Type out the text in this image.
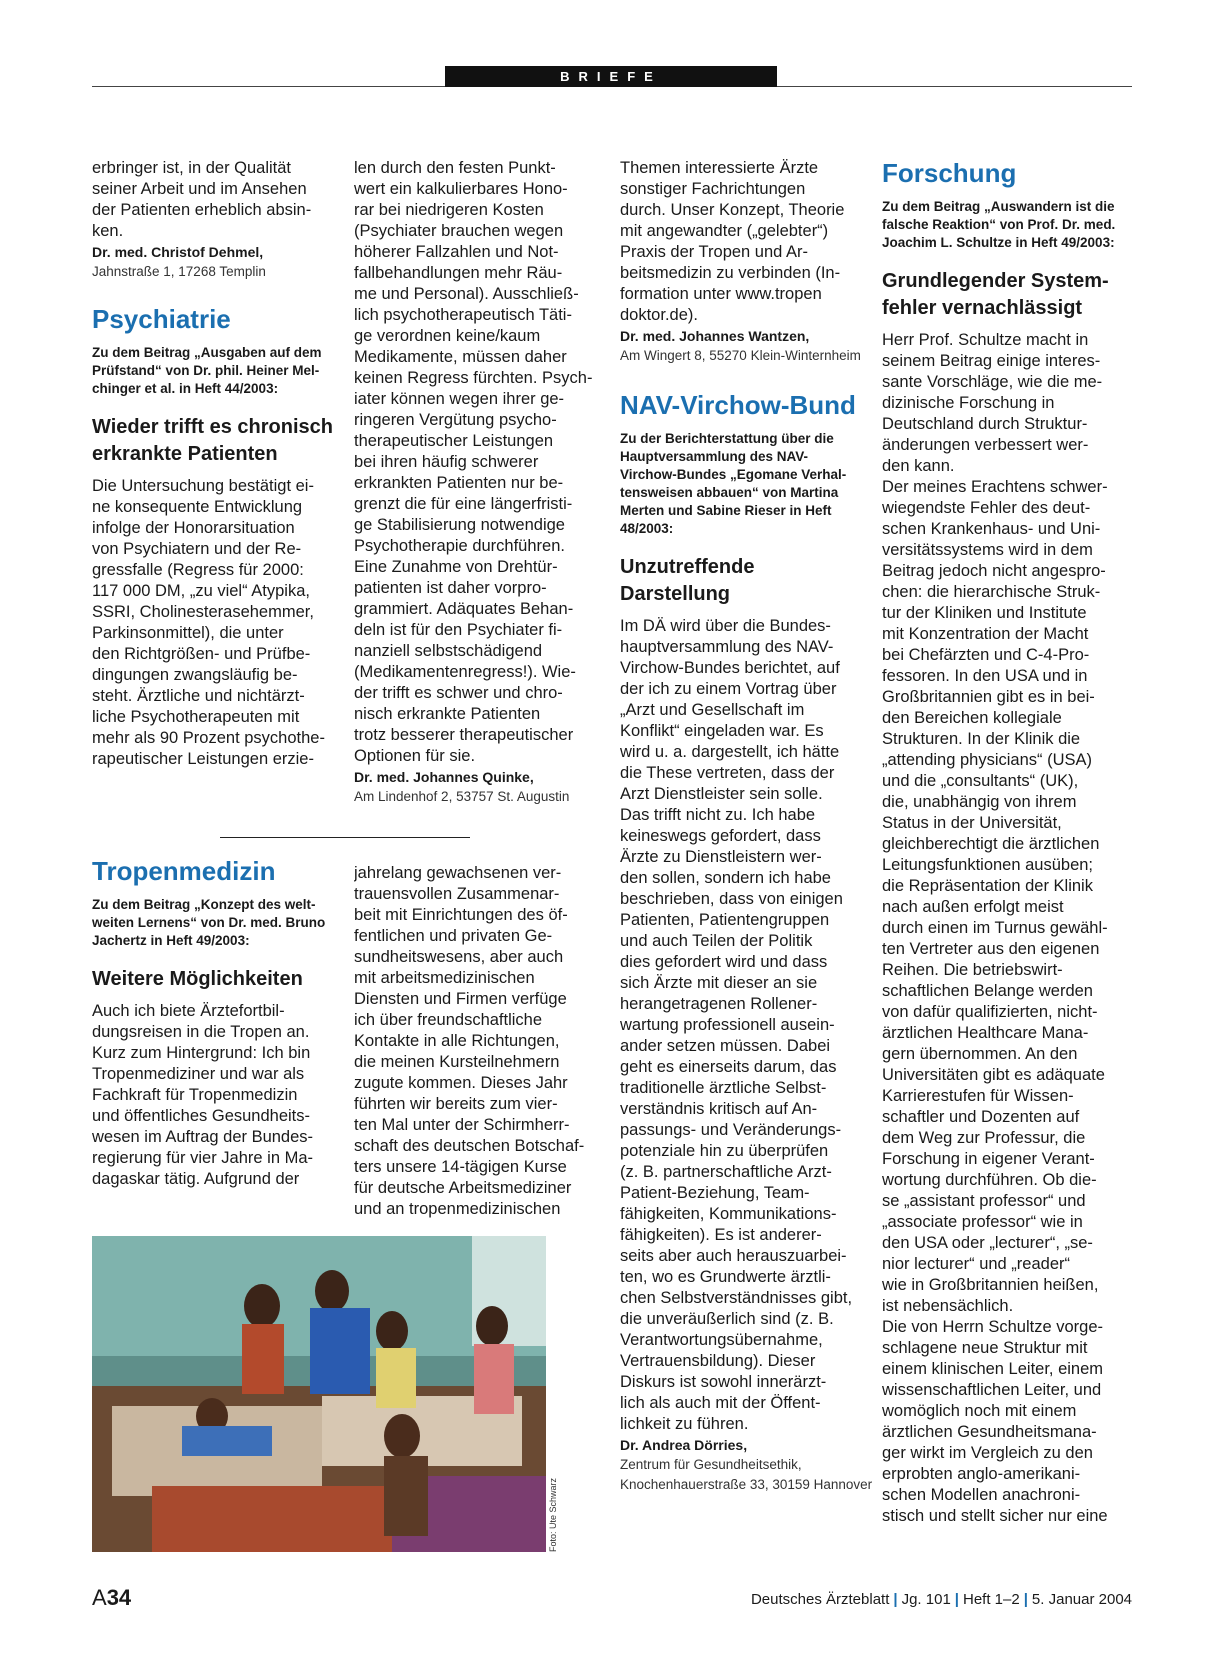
BRIEFE

erbringer ist, in der Qualität

seiner Arbeit und im Ansehen

der Patienten erheblich absin-

ken.

Dr. med. Christof Dehmel,

Jahnstraße 1, 17268 Templin

Psychiatrie
Zu dem Beitrag „Ausgaben auf dem
Prüfstand“ von Dr. phil. Heiner Mel-
chinger et al. in Heft 44/2003:
Wieder trifft es chronisch
erkrankte Patienten

Die Untersuchung bestätigt ei-

ne konsequente Entwicklung

infolge der Honorarsituation

von Psychiatern und der Re-

gressfalle (Regress für 2000:

117 000 DM, „zu viel“ Atypika,

SSRI, Cholinesterasehemmer,

Parkinsonmittel), die unter

den Richtgrößen- und Prüfbe-

dingungen zwangsläufig be-

steht. Ärztliche und nichtärzt-

liche Psychotherapeuten mit

mehr als 90 Prozent psychothe-

rapeutischer Leistungen erzie-

len durch den festen Punkt-

wert ein kalkulierbares Hono-

rar bei niedrigeren Kosten

(Psychiater brauchen wegen

höherer Fallzahlen und Not-

fallbehandlungen mehr Räu-

me und Personal). Ausschließ-

lich psychotherapeutisch Täti-

ge verordnen keine/kaum

Medikamente, müssen daher

keinen Regress fürchten. Psych-

iater können wegen ihrer ge-

ringeren Vergütung psycho-

therapeutischer Leistungen

bei ihren häufig schwerer

erkrankten Patienten nur be-

grenzt die für eine längerfristi-

ge Stabilisierung notwendige

Psychotherapie durchführen.

Eine Zunahme von Drehtür-

patienten ist daher vorpro-

grammiert. Adäquates Behan-

deln ist für den Psychiater fi-

nanziell selbstschädigend

(Medikamentenregress!). Wie-

der trifft es schwer und chro-

nisch erkrankte Patienten

trotz besserer therapeutischer

Optionen für sie.

Dr. med. Johannes Quinke,

Am Lindenhof 2, 53757 St. Augustin

Tropenmedizin
Zu dem Beitrag „Konzept des welt-
weiten Lernens“ von Dr. med. Bruno
Jachertz in Heft 49/2003:
Weitere Möglichkeiten

Auch ich biete Ärztefortbil-

dungsreisen in die Tropen an.

Kurz zum Hintergrund: Ich bin

Tropenmediziner und war als

Fachkraft für Tropenmedizin

und öffentliches Gesundheits-

wesen im Auftrag der Bundes-

regierung für vier Jahre in Ma-

dagaskar tätig. Aufgrund der

jahrelang gewachsenen ver-

trauensvollen Zusammenar-

beit mit Einrichtungen des öf-

fentlichen und privaten Ge-

sundheitswesens, aber auch

mit arbeitsmedizinischen

Diensten und Firmen verfüge

ich über freundschaftliche

Kontakte in alle Richtungen,

die meinen Kursteilnehmern

zugute kommen. Dieses Jahr

führten wir bereits zum vier-

ten Mal unter der Schirmherr-

schaft des deutschen Botschaf-

ters unsere 14-tägigen Kurse

für deutsche Arbeitsmediziner

und an tropenmedizinischen

Foto: Ute Schwarz

Themen interessierte Ärzte

sonstiger Fachrichtungen

durch. Unser Konzept, Theorie

mit angewandter („gelebter“)

Praxis der Tropen und Ar-

beitsmedizin zu verbinden (In-

formation unter www.tropen

doktor.de).

Dr. med. Johannes Wantzen,

Am Wingert 8, 55270 Klein-Winternheim

NAV-Virchow-Bund
Zu der Berichterstattung über die
Hauptversammlung des NAV-
Virchow-Bundes „Egomane Verhal-
tensweisen abbauen“ von Martina
Merten und Sabine Rieser in Heft
48/2003:
Unzutreffende
Darstellung

Im DÄ wird über die Bundes-

hauptversammlung des NAV-

Virchow-Bundes berichtet, auf

der ich zu einem Vortrag über

„Arzt und Gesellschaft im

Konflikt“ eingeladen war. Es

wird u. a. dargestellt, ich hätte

die These vertreten, dass der

Arzt Dienstleister sein solle.

Das trifft nicht zu. Ich habe

keineswegs gefordert, dass

Ärzte zu Dienstleistern wer-

den sollen, sondern ich habe

beschrieben, dass von einigen

Patienten, Patientengruppen

und auch Teilen der Politik

dies gefordert wird und dass

sich Ärzte mit dieser an sie

herangetragenen Rollener-

wartung professionell ausein-

ander setzen müssen. Dabei

geht es einerseits darum, das

traditionelle ärztliche Selbst-

verständnis kritisch auf An-

passungs- und Veränderungs-

potenziale hin zu überprüfen

(z. B. partnerschaftliche Arzt-

Patient-Beziehung, Team-

fähigkeiten, Kommunikations-

fähigkeiten). Es ist anderer-

seits aber auch herauszuarbei-

ten, wo es Grundwerte ärztli-

chen Selbstverständnisses gibt,

die unveräußerlich sind (z. B.

Verantwortungsübernahme,

Vertrauensbildung). Dieser

Diskurs ist sowohl innerärzt-

lich als auch mit der Öffent-

lichkeit zu führen.

Dr. Andrea Dörries,

Zentrum für Gesundheitsethik,

Knochenhauerstraße 33, 30159 Hannover

Forschung
Zu dem Beitrag „Auswandern ist die
falsche Reaktion“ von Prof. Dr. med.
Joachim L. Schultze in Heft 49/2003:
Grundlegender System-
fehler vernachlässigt

Herr Prof. Schultze macht in

seinem Beitrag einige interes-

sante Vorschläge, wie die me-

dizinische Forschung in

Deutschland durch Struktur-

änderungen verbessert wer-

den kann.

Der meines Erachtens schwer-

wiegendste Fehler des deut-

schen Krankenhaus- und Uni-

versitätssystems wird in dem

Beitrag jedoch nicht angespro-

chen: die hierarchische Struk-

tur der Kliniken und Institute

mit Konzentration der Macht

bei Chefärzten und C-4-Pro-

fessoren. In den USA und in

Großbritannien gibt es in bei-

den Bereichen kollegiale

Strukturen. In der Klinik die

„attending physicians“ (USA)

und die „consultants“ (UK),

die, unabhängig von ihrem

Status in der Universität,

gleichberechtigt die ärztlichen

Leitungsfunktionen ausüben;

die Repräsentation der Klinik

nach außen erfolgt meist

durch einen im Turnus gewähl-

ten Vertreter aus den eigenen

Reihen. Die betriebswirt-

schaftlichen Belange werden

von dafür qualifizierten, nicht-

ärztlichen Healthcare Mana-

gern übernommen. An den

Universitäten gibt es adäquate

Karrierestufen für Wissen-

schaftler und Dozenten auf

dem Weg zur Professur, die

Forschung in eigener Verant-

wortung durchführen. Ob die-

se „assistant professor“ und

„associate professor“ wie in

den USA oder „lecturer“, „se-

nior lecturer“ und „reader“

wie in Großbritannien heißen,

ist nebensächlich.

Die von Herrn Schultze vorge-

schlagene neue Struktur mit

einem klinischen Leiter, einem

wissenschaftlichen Leiter, und

womöglich noch mit einem

ärztlichen Gesundheitsmana-

ger wirkt im Vergleich zu den

erprobten anglo-amerikani-

schen Modellen anachroni-

stisch und stellt sicher nur eine

A34	Deutsches Ärzteblatt | Jg. 101 | Heft 1–2 | 5. Januar 2004
